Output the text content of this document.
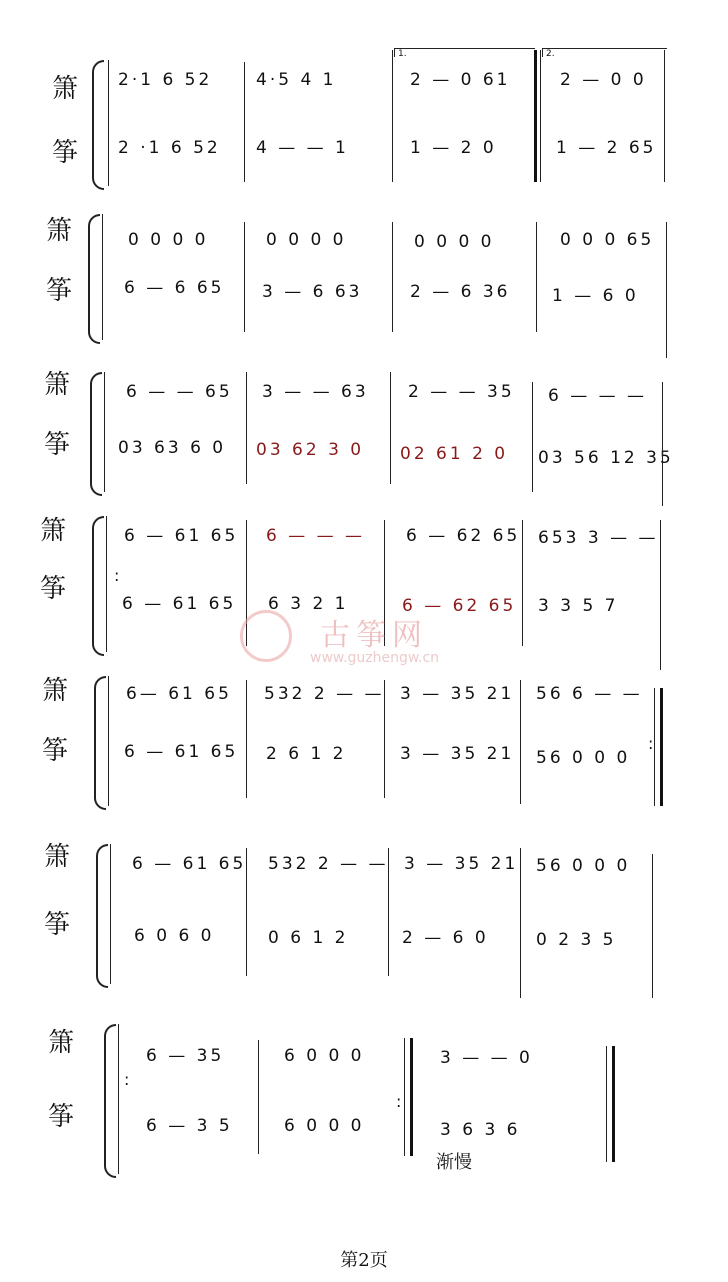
箫
筝
2·1 6 52
2 ·1 6 52
4·5 4 1
4 — — 1
1.
2 — 0 61
1 — 2 0
2.
2 — 0 0
1 — 2 65
箫
筝
0 0 0 0
6 — 6 65
0 0 0 0
3 — 6 63
0 0 0 0
2 — 6 36
0 0 0 65
1 — 6 0
箫
筝
6 — — 65
03 63 6 0
3 — — 63
03 62 3 0
2 — — 35
02 61 2 0
6 — — —
03 56 12 35
箫
筝	:
6 — 61 65
6 — 61 65
6 — — —
6 3 2 1
6 — 62 65
6 — 62 65
653 3 — —
3 3 5 7
古筝网
www.guzhengw.cn
箫
筝
6— 61 65
6 — 61 65
532 2 — —
2 6 1 2
3 — 35 21
3 — 35 21
56 6 — —
56 0 0 0
:
箫
筝
6 — 61 65
6 0 6 0
532 2 — —
0 6 1 2
3 — 35 21
2 — 6 0
56 0 0 0
0 2 3 5
箫
筝
:
6 — 35
6 — 3 5
6 0 0 0
6 0 0 0
:
3 — — 0
3 6 3 6
渐慢
第2页
